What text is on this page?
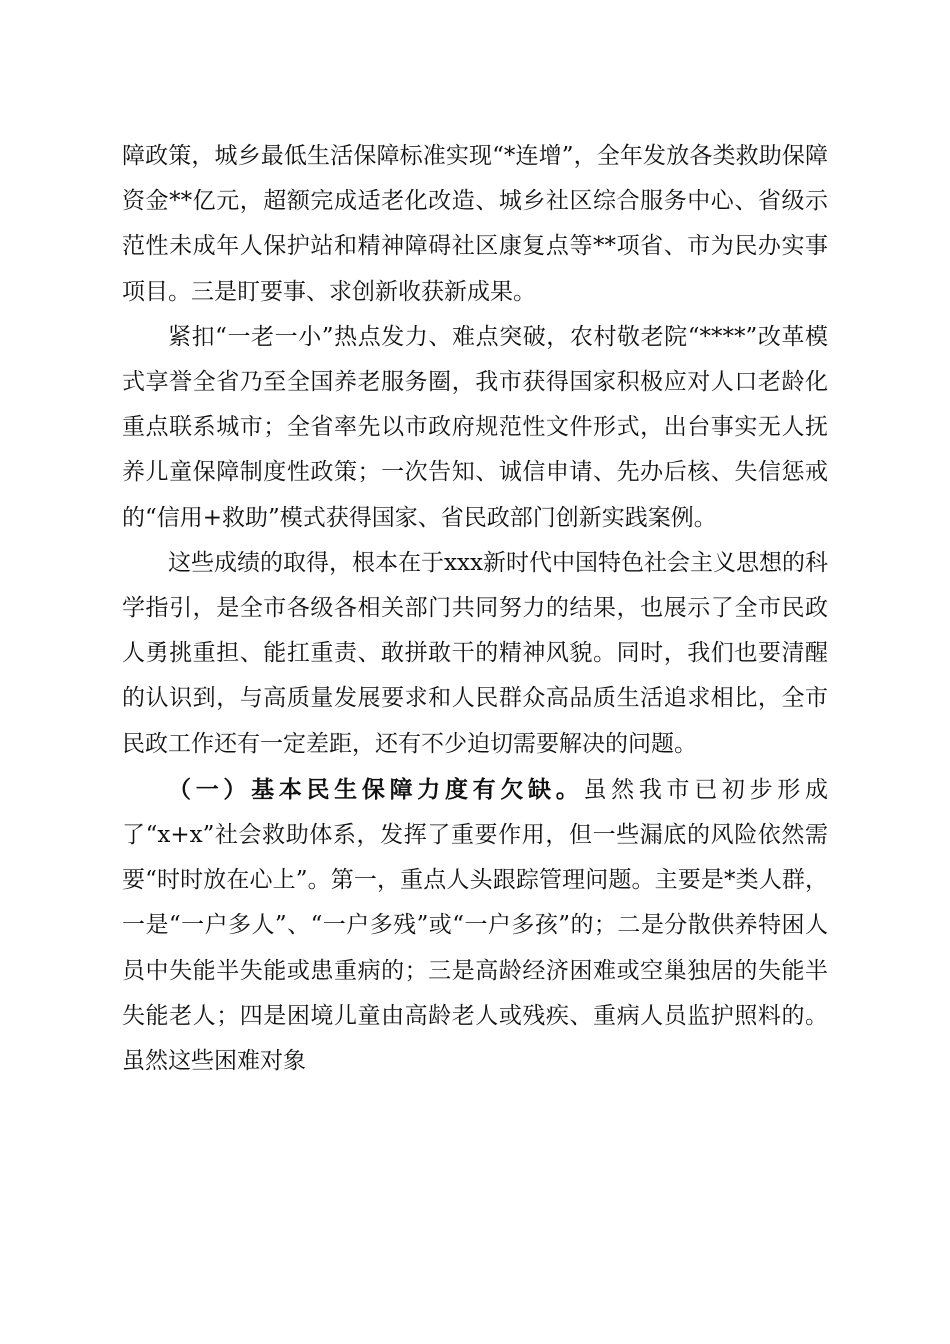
障政策，城乡最低生活保障标准实现“*连增”，全年发放各类救助保障资金**亿元，超额完成适老化改造、城乡社区综合服务中心、省级示范性未成年人保护站和精神障碍社区康复点等**项省、市为民办实事项目。三是盯要事、求创新收获新成果。

紧扣“一老一小”热点发力、难点突破，农村敬老院“****”改革模式享誉全省乃至全国养老服务圈，我市获得国家积极应对人口老龄化重点联系城市；全省率先以市政府规范性文件形式，出台事实无人抚养儿童保障制度性政策；一次告知、诚信申请、先办后核、失信惩戒的“信用+救助”模式获得国家、省民政部门创新实践案例。

这些成绩的取得，根本在于xxx新时代中国特色社会主义思想的科学指引，是全市各级各相关部门共同努力的结果，也展示了全市民政人勇挑重担、能扛重责、敢拼敢干的精神风貌。同时，我们也要清醒的认识到，与高质量发展要求和人民群众高品质生活追求相比，全市民政工作还有一定差距，还有不少迫切需要解决的问题。

（一）基本民生保障力度有欠缺。虽然我市已初步形成了“x+x”社会救助体系，发挥了重要作用，但一些漏底的风险依然需要“时时放在心上”。第一，重点人头跟踪管理问题。主要是*类人群，一是“一户多人”、“一户多残”或“一户多孩”的；二是分散供养特困人员中失能半失能或患重病的；三是高龄经济困难或空巢独居的失能半失能老人；四是困境儿童由高龄老人或残疾、重病人员监护照料的。虽然这些困难对象
